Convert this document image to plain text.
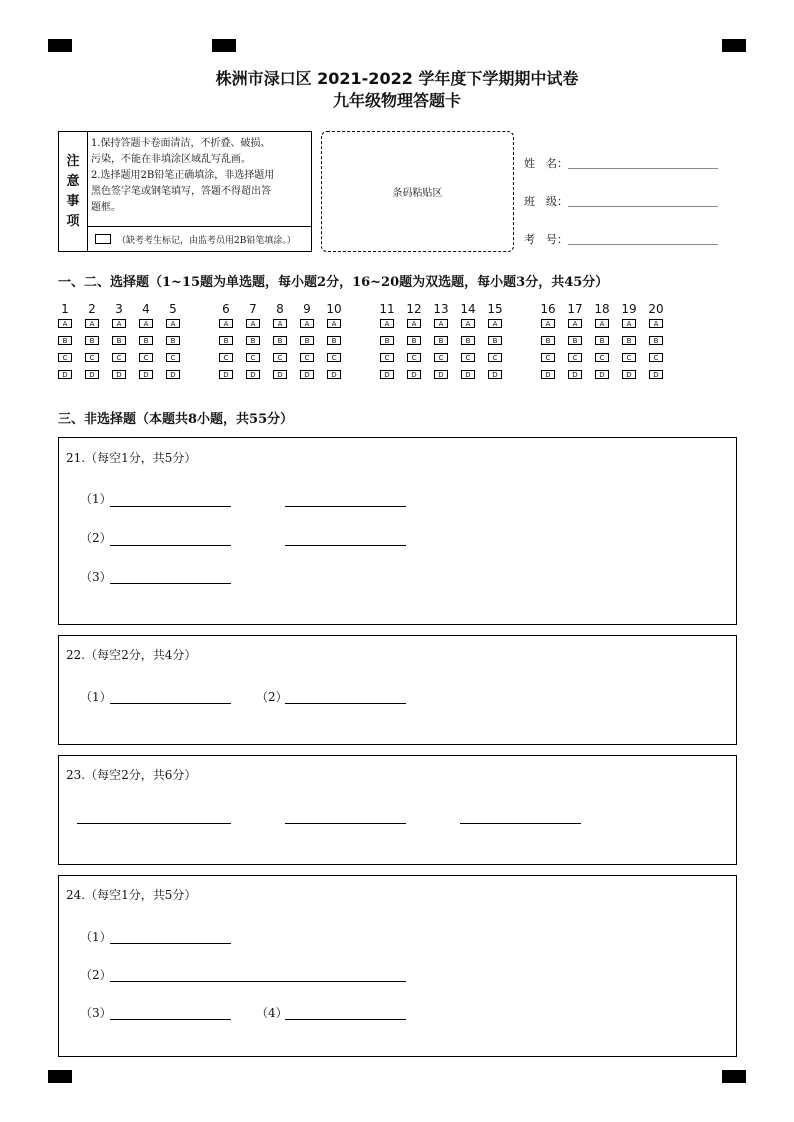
株洲市渌口区 2021-2022 学年度下学期期中试卷
九年级物理答题卡
注
意
事
项
1.保持答题卡卷面清洁，不折叠、破损、
污染，不能在非填涂区域乱写乱画。
2.选择题用2B铅笔正确填涂，非选择题用
黑色签字笔或钢笔填写，答题不得超出答
题框。
（缺考考生标记，由监考员用2B铅笔填涂。）
条码粘贴区
姓　名：
班　级：
考　号：
一、二、选择题（1~15题为单选题，每小题2分，16~20题为双选题，每小题3分，共45分）
1
A
B
C
D
2
A
B
C
D
3
A
B
C
D
4
A
B
C
D
5
A
B
C
D
6
A
B
C
D
7
A
B
C
D
8
A
B
C
D
9
A
B
C
D
10
A
B
C
D
11
A
B
C
D
12
A
B
C
D
13
A
B
C
D
14
A
B
C
D
15
A
B
C
D
16
A
B
C
D
17
A
B
C
D
18
A
B
C
D
19
A
B
C
D
20
A
B
C
D
三、非选择题（本题共8小题，共55分）
21.（每空1分，共5分）
（1）
（2）
（3）
22.（每空2分，共4分）
（1）	（2）
23.（每空2分，共6分）
24.（每空1分，共5分）
（1）
（2）
（3）	（4）
